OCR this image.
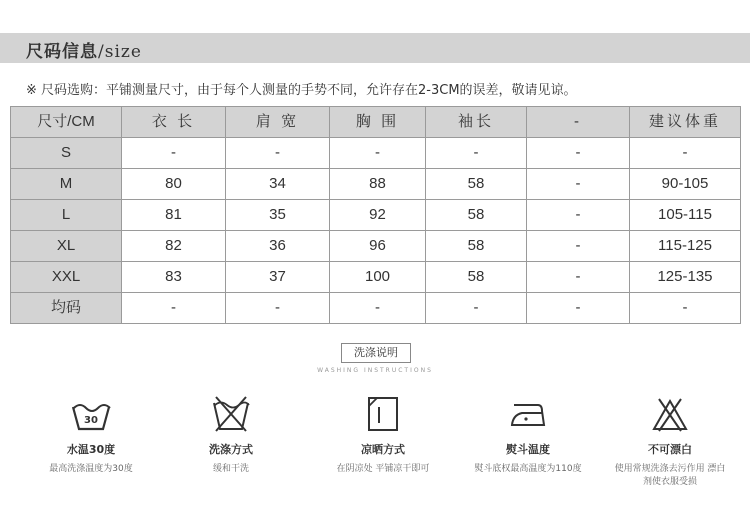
尺码信息/size
※ 尺码选购：平铺测量尺寸，由于每个人测量的手势不同，允许存在2-3CM的误差，敬请见谅。
尺寸/CM	衣 长	肩 宽	胸 围	袖长	-	建议体重
S	-	-	-	-	-	-
M	80	34	88	58	-	90-105
L	81	35	92	58	-	105-115
XL	82	36	96	58	-	115-125
XXL	83	37	100	58	-	125-135
均码	-	-	-	-	-	-
洗涤说明
WASHING INSTRUCTIONS
30
水温30度
最高洗涤温度为30度
洗涤方式
缓和干洗
凉晒方式
在阴凉处 平铺凉干即可
熨斗温度
熨斗底权最高温度为110度
不可漂白
使用常规洗涤去污作用 漂白剂使衣服受损
